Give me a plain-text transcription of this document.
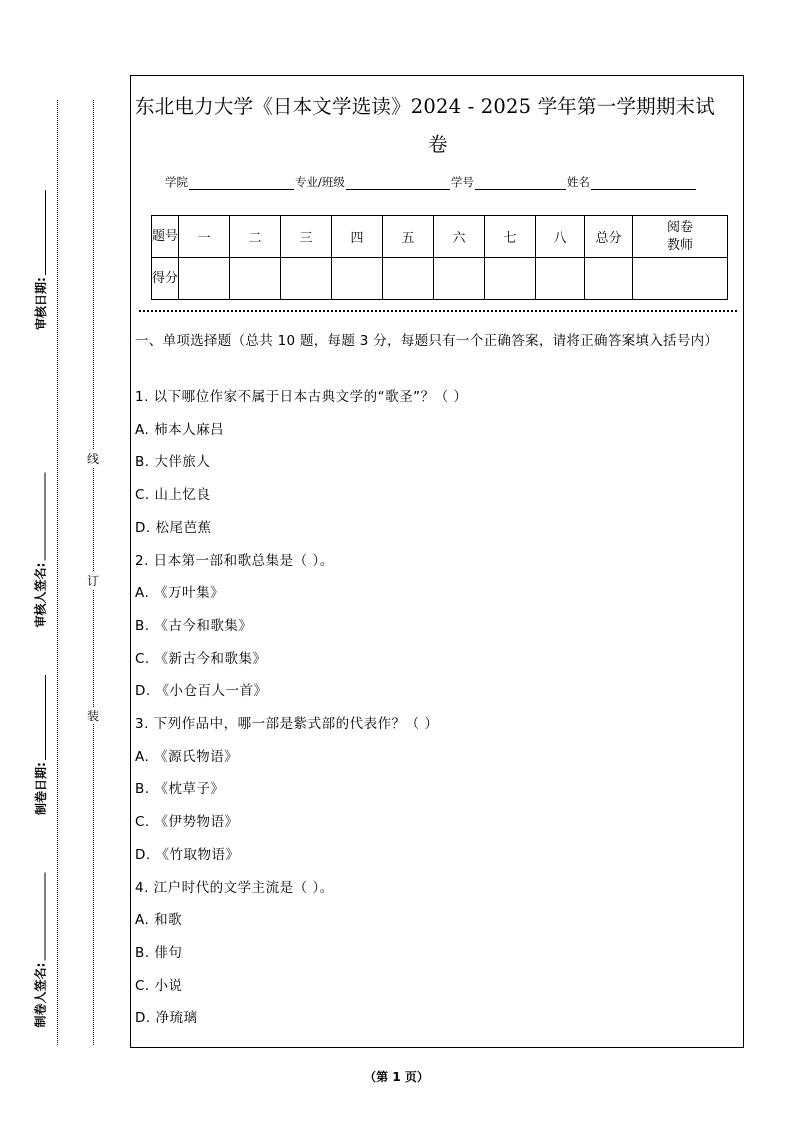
审核日期:
审核人签名:
制卷日期:
制卷人签名:
线
订
装
东北电力大学《日本文学选读》2024 - 2025 学年第一学期期末试
卷
学院	专业/班级	学号	姓名
题号	一	二	三	四	五	六	七	八	总分	阅卷教师
得分										
一、单项选择题（总共 10 题，每题 3 分，每题只有一个正确答案，请将正确答案填入括号内）
1. 以下哪位作家不属于日本古典文学的“歌圣”？（ ）
A. 柿本人麻吕
B. 大伴旅人
C. 山上忆良
D. 松尾芭蕉
2. 日本第一部和歌总集是（ ）。
A. 《万叶集》
B. 《古今和歌集》
C. 《新古今和歌集》
D. 《小仓百人一首》
3. 下列作品中，哪一部是紫式部的代表作？（ ）
A. 《源氏物语》
B. 《枕草子》
C. 《伊势物语》
D. 《竹取物语》
4. 江户时代的文学主流是（ ）。
A. 和歌
B. 俳句
C. 小说
D. 净琉璃
（第 1 页）
